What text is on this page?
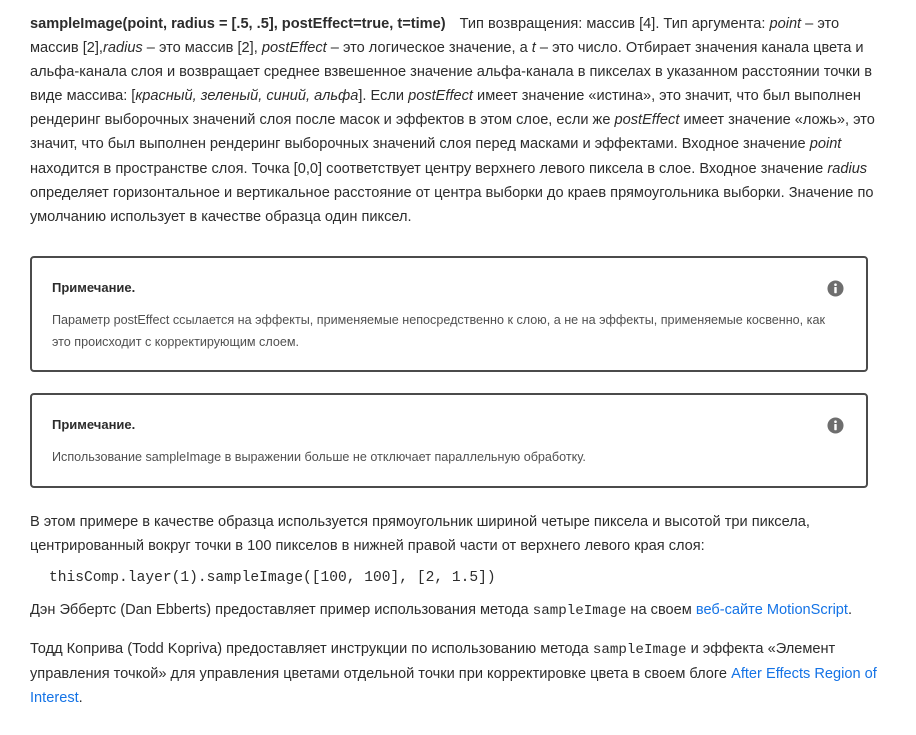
sampleImage(point, radius = [.5, .5], postEffect=true, t=time) Тип возвращения: массив [4]. Тип аргумента: point – это массив [2],radius – это массив [2], postEffect – это логическое значение, а t – это число. Отбирает значения канала цвета и альфа-канала слоя и возвращает среднее взвешенное значение альфа-канала в пикселах в указанном расстоянии точки в виде массива: [красный, зеленый, синий, альфа]. Если postEffect имеет значение «истина», это значит, что был выполнен рендеринг выборочных значений слоя после масок и эффектов в этом слое, если же postEffect имеет значение «ложь», это значит, что был выполнен рендеринг выборочных значений слоя перед масками и эффектами. Входное значение point находится в пространстве слоя. Точка [0,0] соответствует центру верхнего левого пиксела в слое. Входное значение radius определяет горизонтальное и вертикальное расстояние от центра выборки до краев прямоугольника выборки. Значение по умолчанию использует в качестве образца один пиксел.

Примечание.
Параметр postEffect ссылается на эффекты, применяемые непосредственно к слою, а не на эффекты, применяемые косвенно, как это происходит с корректирующим слоем.
Примечание.
Использование sampleImage в выражении больше не отключает параллельную обработку.

В этом примере в качестве образца используется прямоугольник шириной четыре пиксела и высотой три пиксела, центрированный вокруг точки в 100 пикселов в нижней правой части от верхнего левого края слоя:

thisComp.layer(1).sampleImage([100, 100], [2, 1.5])

Дэн Эббертс (Dan Ebberts) предоставляет пример использования метода sampleImage на своем веб-сайте MotionScript.

Тодд Коприва (Todd Kopriva) предоставляет инструкции по использованию метода sampleImage и эффекта «Элемент управления точкой» для управления цветами отдельной точки при корректировке цвета в своем блоге After Effects Region of Interest.
